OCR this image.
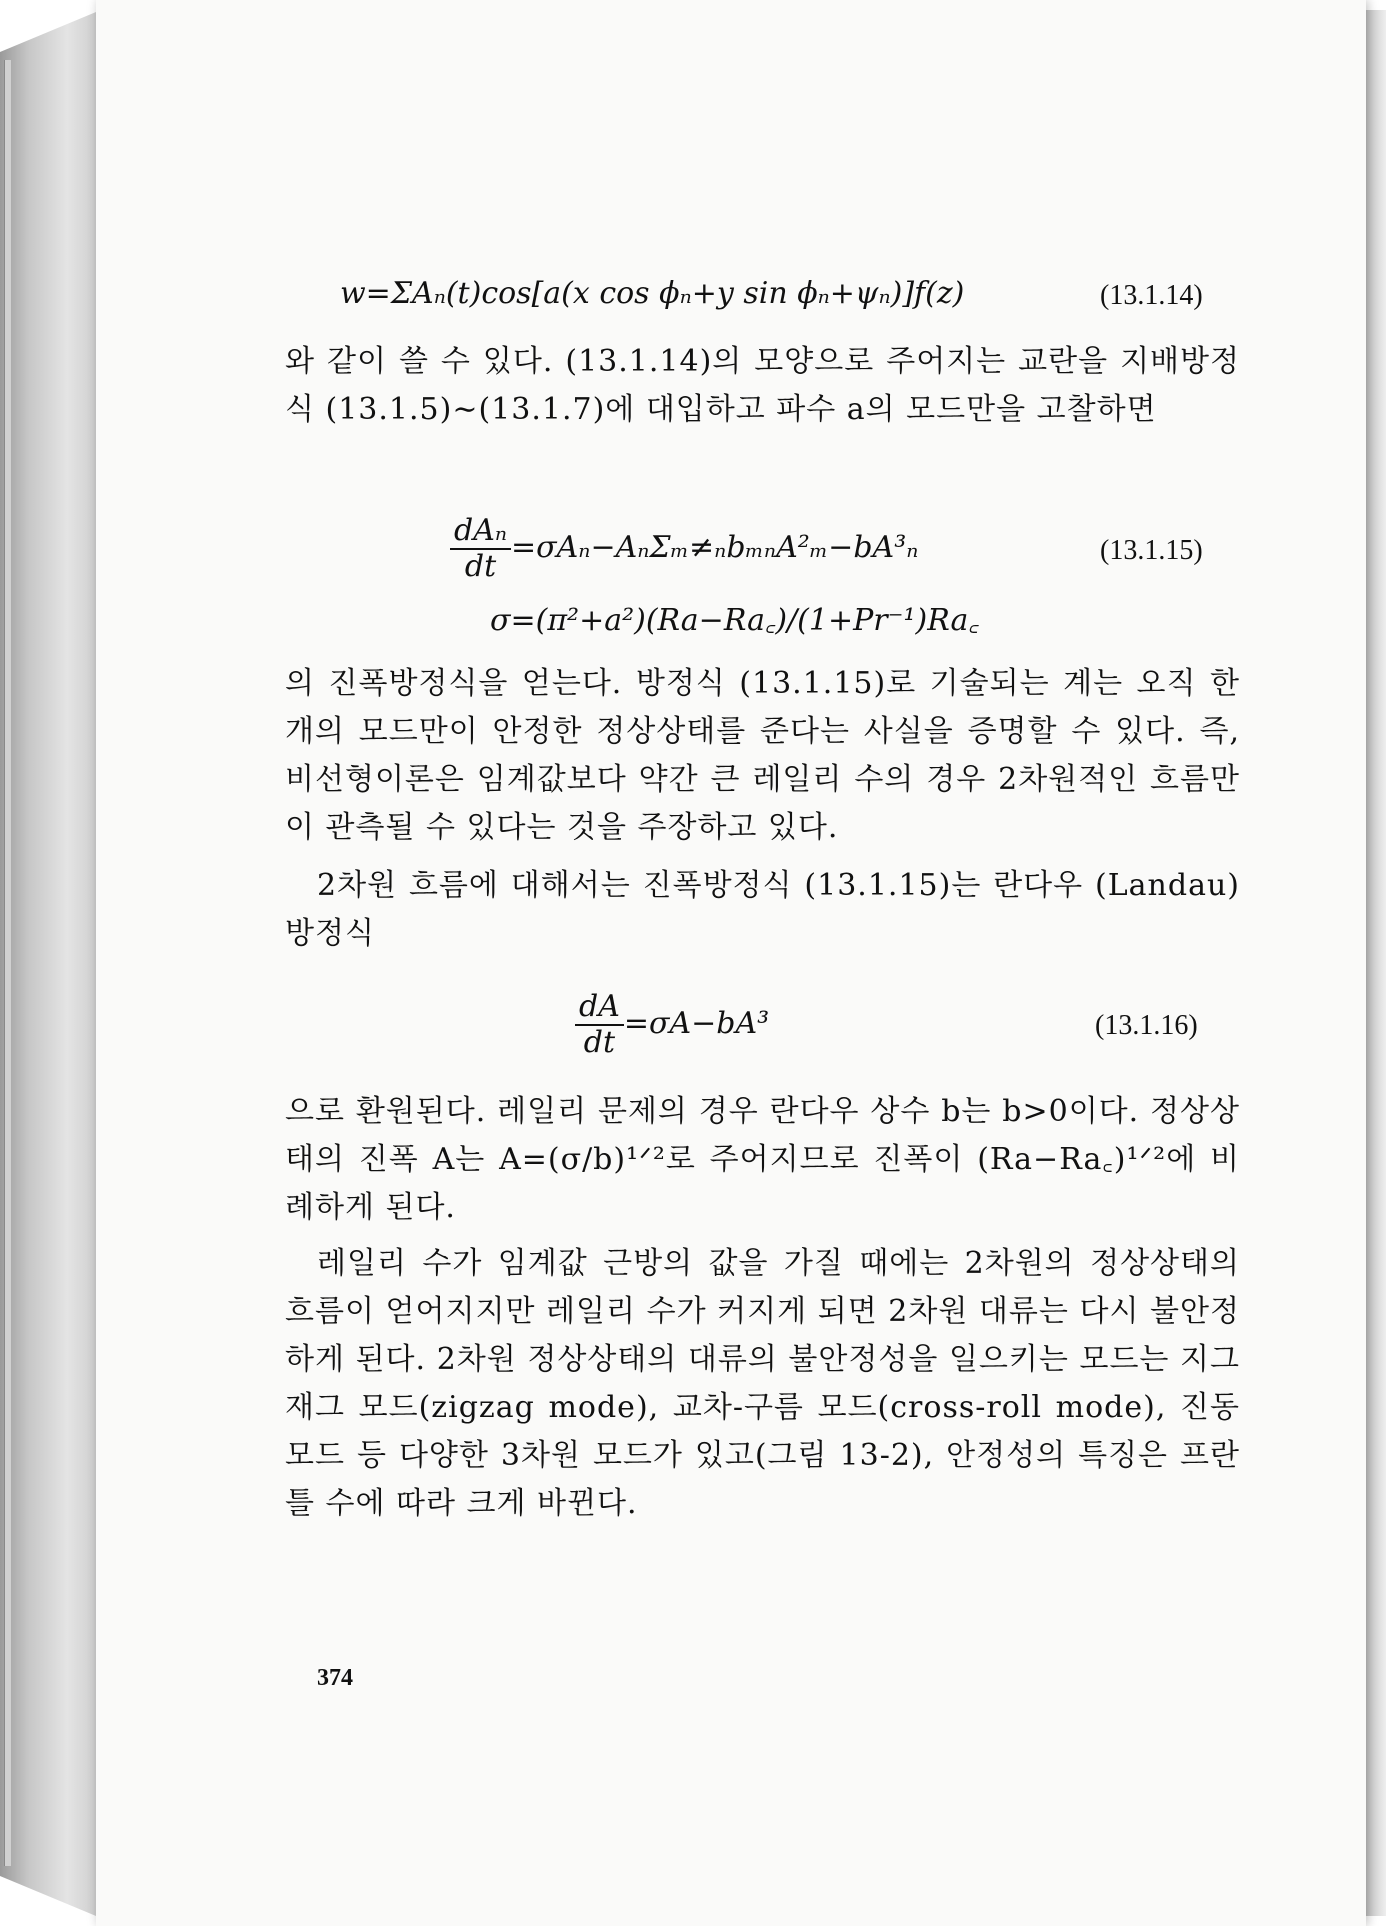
w=ΣAₙ(t)cos[a(x cos ϕₙ+y sin ϕₙ+ψₙ)]f(z)	(13.1.14)

와 같이 쓸 수 있다. (13.1.14)의 모양으로 주어지는 교란을 지배방정식 (13.1.5)∼(13.1.7)에 대입하고 파수 a의 모드만을 고찰하면

$\frac{\text{dAₙ}}{dt} =\sigma A_n-A_n\Sigma_m\ne_nb_{mn}A^2_m-bA^3_n$	(13.1.15)
σ=(π²+a²)(Ra−Ra꜀)/(1+Pr⁻¹)Ra꜀

의 진폭방정식을 얻는다. 방정식 (13.1.15)로 기술되는 계는 오직 한 개의 모드만이 안정한 정상상태를 준다는 사실을 증명할 수 있다. 즉, 비선형이론은 임계값보다 약간 큰 레일리 수의 경우 2차원적인 흐름만이 관측될 수 있다는 것을 주장하고 있다.

2차원 흐름에 대해서는 진폭방정식 (13.1.15)는 란다우 (Landau) 방정식

$\frac{dA}{dt} =\sigma A-bA^3$	(13.1.16)

으로 환원된다. 레일리 문제의 경우 란다우 상수 b는 b>0이다. 정상상태의 진폭 A는 A=(σ/b)¹ᐟ²로 주어지므로 진폭이 (Ra−Ra꜀)¹ᐟ²에 비례하게 된다.

레일리 수가 임계값 근방의 값을 가질 때에는 2차원의 정상상태의 흐름이 얻어지지만 레일리 수가 커지게 되면 2차원 대류는 다시 불안정하게 된다. 2차원 정상상태의 대류의 불안정성을 일으키는 모드는 지그재그 모드(zigzag mode), 교차-구름 모드(cross-roll mode), 진동 모드 등 다양한 3차원 모드가 있고(그림 13-2), 안정성의 특징은 프란틀 수에 따라 크게 바뀐다.

374
